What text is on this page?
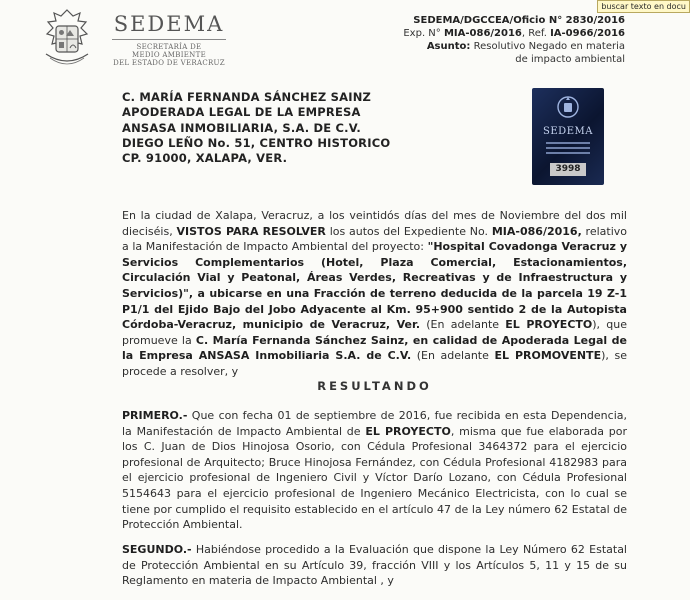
buscar texto en docu
SEDEMA
SECRETARÍA DE
MEDIO AMBIENTE
DEL ESTADO DE VERACRUZ
SEDEMA/DGCCEA/Oficio N° 2830/2016
Exp. N° MIA-086/2016, Ref. IA-0966/2016
Asunto: Resolutivo Negado en materia
de impacto ambiental
C. MARÍA FERNANDA SÁNCHEZ SAINZ
APODERADA LEGAL DE LA EMPRESA
ANSASA INMOBILIARIA, S.A. DE C.V.
DIEGO LEÑO No. 51, CENTRO HISTORICO
CP. 91000, XALAPA, VER.
SEDEMA
3998
En la ciudad de Xalapa, Veracruz, a los veintidós días del mes de Noviembre del dos mil dieciséis, VISTOS PARA RESOLVER los autos del Expediente No. MIA-086/2016, relativo a la Manifestación de Impacto Ambiental del proyecto: "Hospital Covadonga Veracruz y Servicios Complementarios (Hotel, Plaza Comercial, Estacionamientos, Circulación Vial y Peatonal, Áreas Verdes, Recreativas y de Infraestructura y Servicios)", a ubicarse en una Fracción de terreno deducida de la parcela 19 Z-1 P1/1 del Ejido Bajo del Jobo Adyacente al Km. 95+900 sentido 2 de la Autopista Córdoba-Veracruz, municipio de Veracruz, Ver. (En adelante EL PROYECTO), que promueve la C. María Fernanda Sánchez Sainz, en calidad de Apoderada Legal de la Empresa ANSASA Inmobiliaria S.A. de C.V. (En adelante EL PROMOVENTE), se procede a resolver, y
RESULTANDO
PRIMERO.- Que con fecha 01 de septiembre de 2016, fue recibida en esta Dependencia, la Manifestación de Impacto Ambiental de EL PROYECTO, misma que fue elaborada por los C. Juan de Dios Hinojosa Osorio, con Cédula Profesional 3464372 para el ejercicio profesional de Arquitecto; Bruce Hinojosa Fernández, con Cédula Profesional 4182983 para el ejercicio profesional de Ingeniero Civil y Víctor Darío Lozano, con Cédula Profesional 5154643 para el ejercicio profesional de Ingeniero Mecánico Electricista, con lo cual se tiene por cumplido el requisito establecido en el artículo 47 de la Ley número 62 Estatal de Protección Ambiental.
SEGUNDO.- Habiéndose procedido a la Evaluación que dispone la Ley Número 62 Estatal de Protección Ambiental en su Artículo 39, fracción VIII y los Artículos 5, 11 y 15 de su Reglamento en materia de Impacto Ambiental , y
